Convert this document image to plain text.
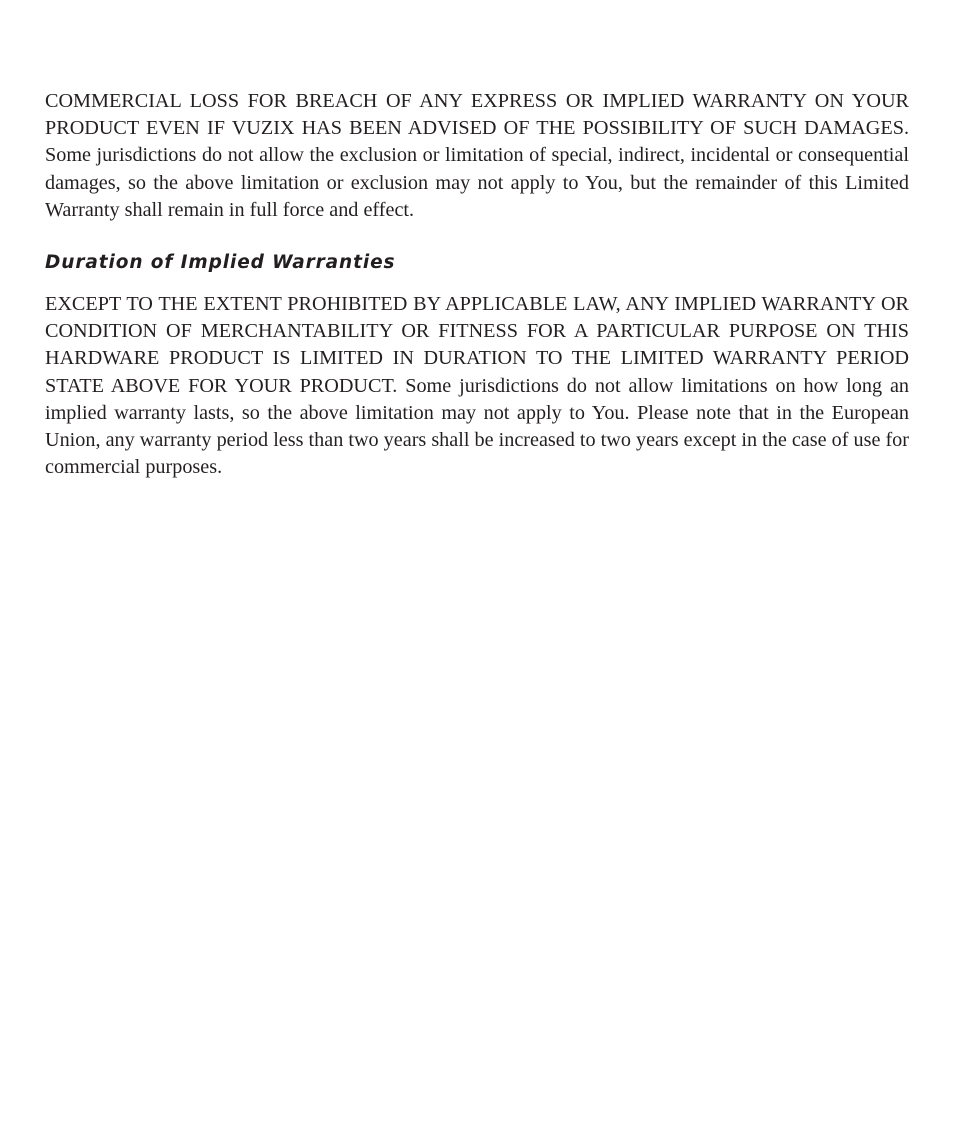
COMMERCIAL LOSS FOR BREACH OF ANY EXPRESS OR IMPLIED WARRANTY ON YOUR PRODUCT EVEN IF VUZIX HAS BEEN ADVISED OF THE POSSIBILITY OF SUCH DAMAGES. Some jurisdictions do not allow the exclusion or limitation of special, indirect, incidental or consequential damages, so the above limitation or exclusion may not apply to You, but the remainder of this Limited Warranty shall remain in full force and effect.

Duration of Implied Warranties

EXCEPT TO THE EXTENT PROHIBITED BY APPLICABLE LAW, ANY IMPLIED WARRANTY OR CONDITION OF MERCHANTABILITY OR FITNESS FOR A PARTICULAR PURPOSE ON THIS HARDWARE PRODUCT IS LIMITED IN DURATION TO THE LIMITED WARRANTY PERIOD STATE ABOVE FOR YOUR PRODUCT. Some jurisdictions do not allow limitations on how long an implied warranty lasts, so the above limitation may not apply to You. Please note that in the European Union, any warranty period less than two years shall be increased to two years except in the case of use for commercial purposes.
